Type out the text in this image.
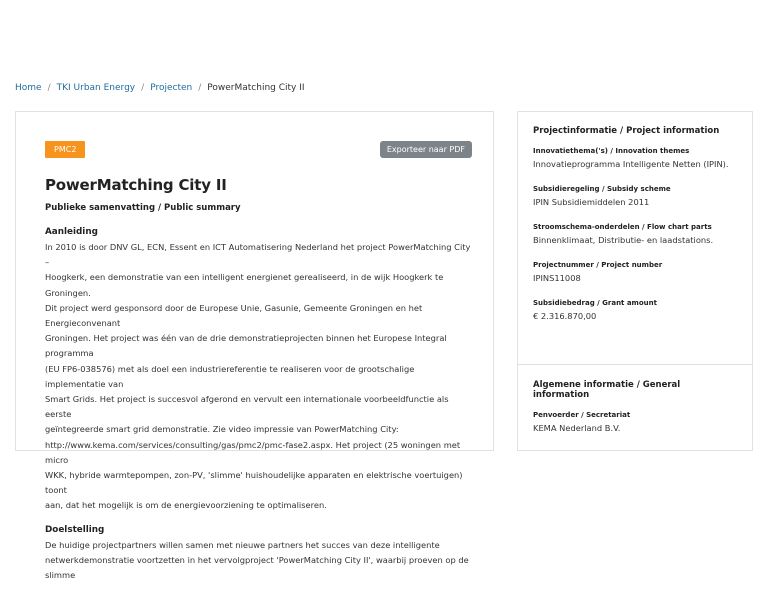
Home / TKI Urban Energy / Projecten / PowerMatching City II
PMC2	Exporteer naar PDF
PowerMatching City II
Publieke samenvatting / Public summary
Aanleiding

In 2010 is door DNV GL, ECN, Essent en ICT Automatisering Nederland het project PowerMatching City –
Hoogkerk, een demonstratie van een intelligent energienet gerealiseerd, in de wijk Hoogkerk te Groningen.
Dit project werd gesponsord door de Europese Unie, Gasunie, Gemeente Groningen en het Energieconvenant
Groningen. Het project was één van de drie demonstratieprojecten binnen het Europese Integral programma
(EU FP6-038576) met als doel een industriereferentie te realiseren voor de grootschalige implementatie van
Smart Grids. Het project is succesvol afgerond en vervult een internationale voorbeeldfunctie als eerste
geïntegreerde smart grid demonstratie. Zie video impressie van PowerMatching City:
http://www.kema.com/services/consulting/gas/pmc2/pmc-fase2.aspx. Het project (25 woningen met micro
WKK, hybride warmtepompen, zon-PV, 'slimme' huishoudelijke apparaten en elektrische voertuigen) toont
aan, dat het mogelijk is om de energievoorziening te optimaliseren.

Doelstelling

De huidige projectpartners willen samen met nieuwe partners het succes van deze intelligente
netwerkdemonstratie voortzetten in het vervolgproject 'PowerMatching City II', waarbij proeven op de slimme

Projectinformatie / Project information
Innovatiethema('s) / Innovation themes
Innovatieprogramma Intelligente Netten (IPIN).
Subsidieregeling / Subsidy scheme
IPIN Subsidiemiddelen 2011
Stroomschema-onderdelen / Flow chart parts
Binnenklimaat, Distributie- en laadstations.
Projectnummer / Project number
IPINS11008
Subsidiebedrag / Grant amount
€ 2.316.870,00
Algemene informatie / General information
Penvoerder / Secretariat
KEMA Nederland B.V.
